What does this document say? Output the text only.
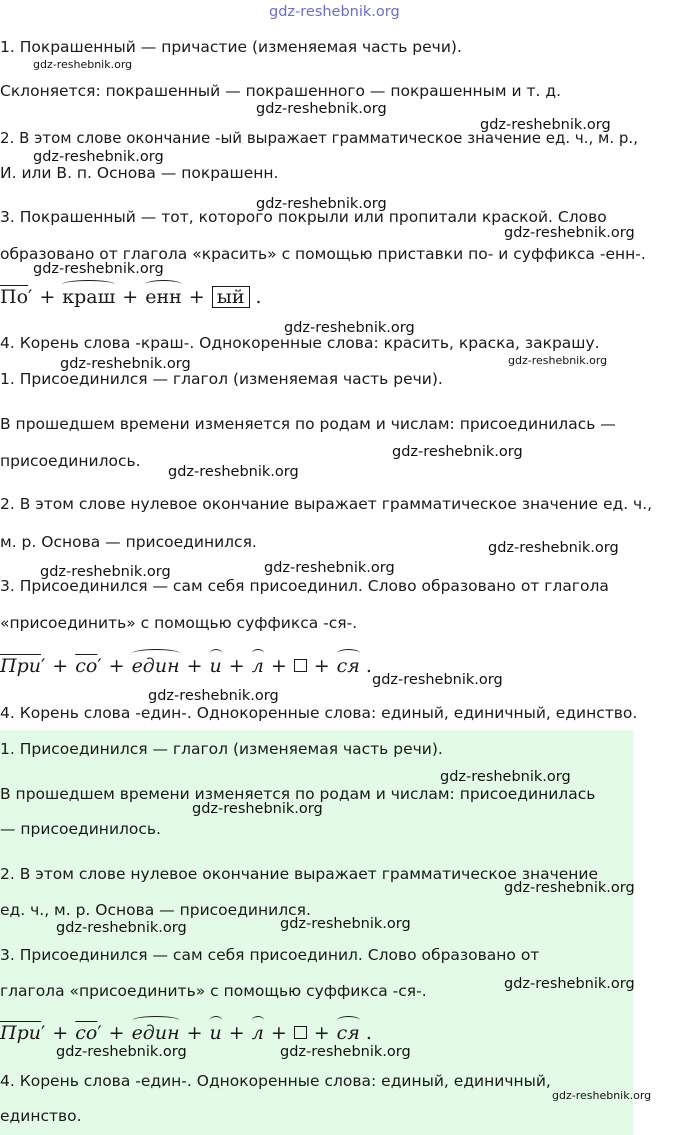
gdz-reshebnik.org
1. Покрашенный — причастие (изменяемая часть речи).
gdz-reshebnik.org
Склоняется: покрашенный — покрашенного — покрашенным и т. д.
gdz-reshebnik.org
gdz-reshebnik.org
2. В этом слове окончание -ый выражает грамматическое значение ед. ч., м. р.,
gdz-reshebnik.org
И. или В. п. Основа — покрашенн.
gdz-reshebnik.org
3. Покрашенный — тот, которого покрыли или пропитали краской. Слово
gdz-reshebnik.org
образовано от глагола «красить» с помощью приставки по- и суффикса -енн-.
gdz-reshebnik.org
По′ + краш + енн + ый .
gdz-reshebnik.org
4. Корень слова -краш-. Однокоренные слова: красить, краска, закрашу.
gdz-reshebnik.org	gdz-reshebnik.org
1. Присоединился — глагол (изменяемая часть речи).
В прошедшем времени изменяется по родам и числам: присоединилась —
gdz-reshebnik.org
присоединилось.
gdz-reshebnik.org
2. В этом слове нулевое окончание выражает грамматическое значение ед. ч.,
м. р. Основа — присоединился.	gdz-reshebnik.org
gdz-reshebnik.org
gdz-reshebnik.org
3. Присоединился — сам себя присоединил. Слово образовано от глагола
«присоединить» с помощью суффикса -ся-.
При′ + со′ + един + и + л + + ся .
gdz-reshebnik.org
gdz-reshebnik.org
4. Корень слова -един-. Однокоренные слова: единый, единичный, единство.
1. Присоединился — глагол (изменяемая часть речи).
gdz-reshebnik.org
В прошедшем времени изменяется по родам и числам: присоединилась
gdz-reshebnik.org
— присоединилось.
2. В этом слове нулевое окончание выражает грамматическое значение
gdz-reshebnik.org
ед. ч., м. р. Основа — присоединился.
gdz-reshebnik.org	gdz-reshebnik.org
3. Присоединился — сам себя присоединил. Слово образовано от
gdz-reshebnik.org
глагола «присоединить» с помощью суффикса -ся-.
При′ + со′ + един + и + л + + ся .
gdz-reshebnik.org	gdz-reshebnik.org
4. Корень слова -един-. Однокоренные слова: единый, единичный,
gdz-reshebnik.org
единство.
